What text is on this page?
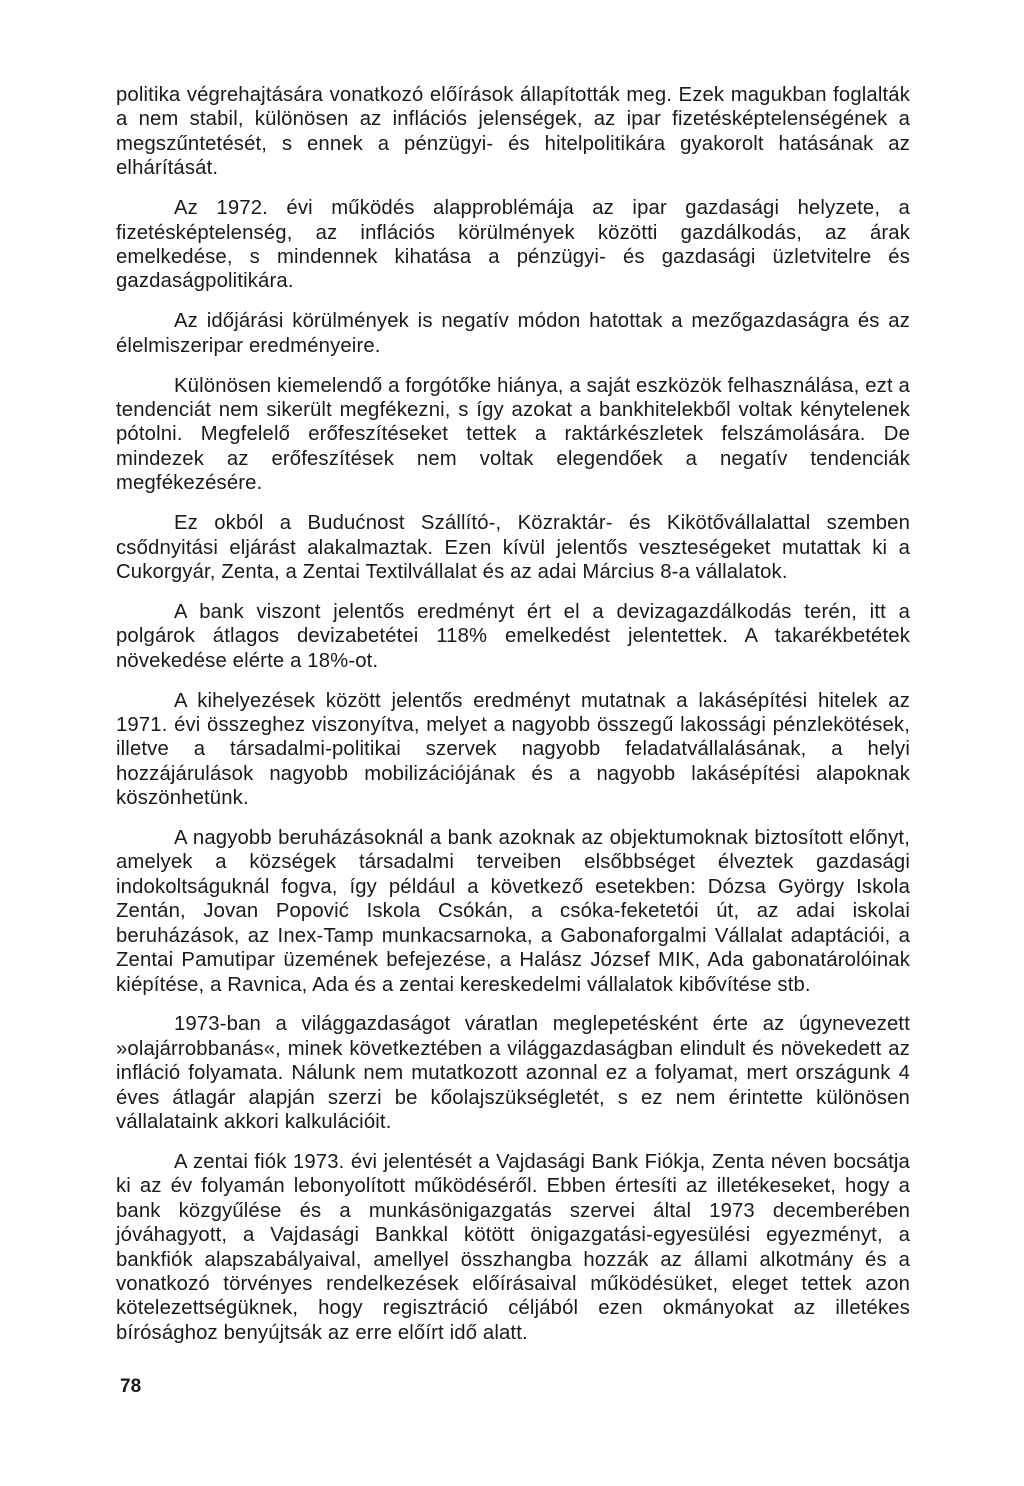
politika végrehajtására vonatkozó előírások állapították meg. Ezek magukban foglalták a nem stabil, különösen az inflációs jelenségek, az ipar fizetésképtelenségének a megszűntetését, s ennek a pénzügyi- és hitelpolitikára gyakorolt hatásának az elhárítását.

Az 1972. évi működés alapproblémája az ipar gazdasági helyzete, a fizetésképtelenség, az inflációs körülmények közötti gazdálkodás, az árak emelkedése, s mindennek kihatása a pénzügyi- és gazdasági üzletvitelre és gazdaságpolitikára.

Az időjárási körülmények is negatív módon hatottak a mezőgazdaságra és az élelmiszeripar eredményeire.

Különösen kiemelendő a forgótőke hiánya, a saját eszközök felhasználása, ezt a tendenciát nem sikerült megfékezni, s így azokat a bankhitelekből voltak kénytelenek pótolni. Megfelelő erőfeszítéseket tettek a raktárkészletek felszámolására. De mindezek az erőfeszítések nem voltak elegendőek a negatív tendenciák megfékezésére.

Ez okból a Budućnost Szállító-, Közraktár- és Kikötővállalattal szemben csődnyitási eljárást alakalmaztak. Ezen kívül jelentős veszteségeket mutattak ki a Cukorgyár, Zenta, a Zentai Textilvállalat és az adai Március 8-a vállalatok.

A bank viszont jelentős eredményt ért el a devizagazdálkodás terén, itt a polgárok átlagos devizabetétei 118% emelkedést jelentettek. A takarékbetétek növekedése elérte a 18%-ot.

A kihelyezések között jelentős eredményt mutatnak a lakásépítési hitelek az 1971. évi összeghez viszonyítva, melyet a nagyobb összegű lakossági pénzlekötések, illetve a társadalmi-politikai szervek nagyobb feladatvállalásának, a helyi hozzájárulások nagyobb mobilizációjának és a nagyobb lakásépítési alapoknak köszönhetünk.

A nagyobb beruházásoknál a bank azoknak az objektumoknak biztosított előnyt, amelyek a községek társadalmi terveiben elsőbbséget élveztek gazdasági indokoltságuknál fogva, így például a következő esetekben: Dózsa György Iskola Zentán, Jovan Popović Iskola Csókán, a csóka-feketetói út, az adai iskolai beruházások, az Inex-Tamp munkacsarnoka, a Gabonaforgalmi Vállalat adaptációi, a Zentai Pamutipar üzemének befejezése, a Halász József MIK, Ada gabonatárolóinak kiépítése, a Ravnica, Ada és a zentai kereskedelmi vállalatok kibővítése stb.

1973-ban a világgazdaságot váratlan meglepetésként érte az úgynevezett »olajárrobbanás«, minek következtében a világgazdaságban elindult és növekedett az infláció folyamata. Nálunk nem mutatkozott azonnal ez a folyamat, mert országunk 4 éves átlagár alapján szerzi be kőolajszükségletét, s ez nem érintette különösen vállalataink akkori kalkulációit.

A zentai fiók 1973. évi jelentését a Vajdasági Bank Fiókja, Zenta néven bocsátja ki az év folyamán lebonyolított működéséről. Ebben értesíti az illetékeseket, hogy a bank közgyűlése és a munkásönigazgatás szervei által 1973 decemberében jóváhagyott, a Vajdasági Bankkal kötött önigazgatási-egyesülési egyezményt, a bankfiók alapszabályaival, amellyel összhangba hozzák az állami alkotmány és a vonatkozó törvényes rendelkezések előírásaival működésüket, eleget tettek azon kötelezettségüknek, hogy regisztráció céljából ezen okmányokat az illetékes bírósághoz benyújtsák az erre előírt idő alatt.

78
